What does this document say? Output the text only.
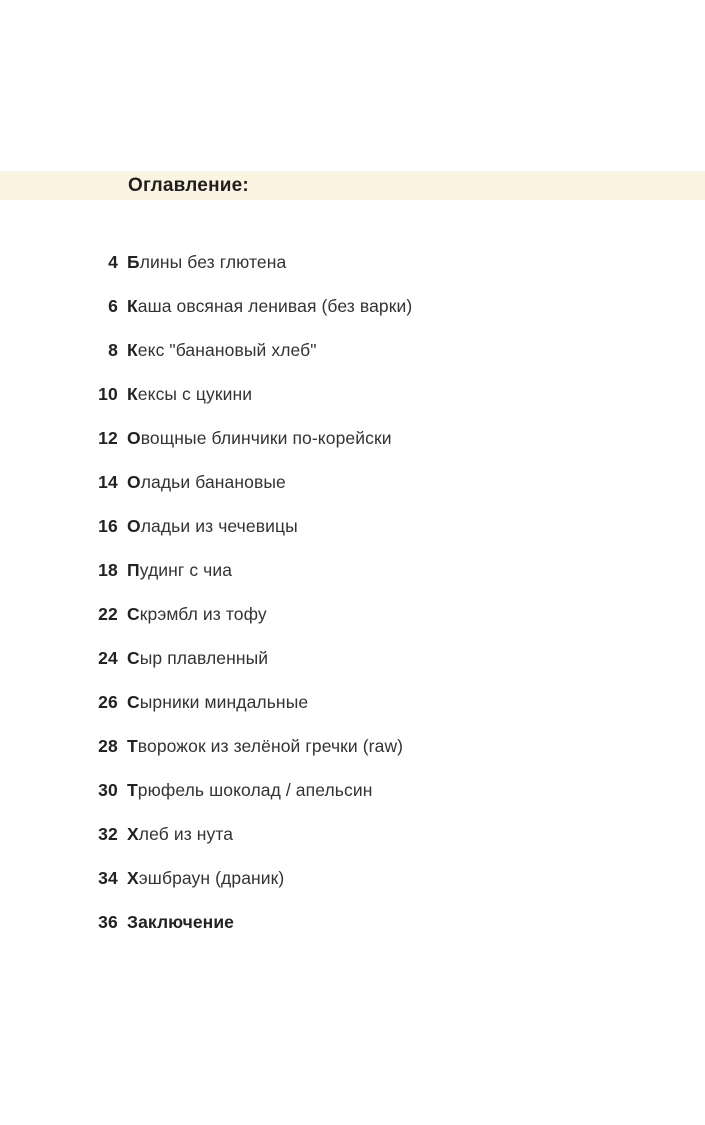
Оглавление:
4 Блины без глютена
6 Каша овсяная ленивая (без варки)
8 Кекс "банановый хлеб"
10 Кексы с цукини
12 Овощные блинчики по-корейски
14 Оладьи банановые
16 Оладьи из чечевицы
18 Пудинг с чиа
22 Скрэмбл из тофу
24 Сыр плавленный
26 Сырники миндальные
28 Творожок из зелёной гречки (raw)
30 Трюфель шоколад / апельсин
32 Хлеб из нута
34 Хэшбраун (драник)
36 Заключение
